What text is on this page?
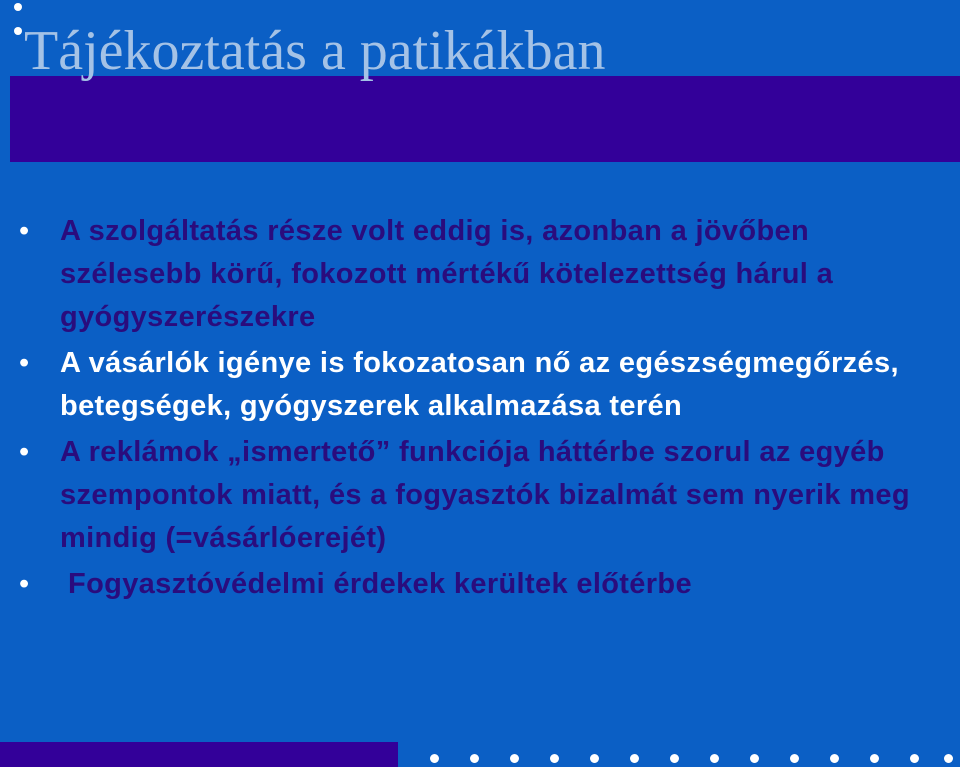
Tájékoztatás a patikákban
•	A szolgáltatás része volt eddig is, azonban a jövőben szélesebb körű, fokozott mértékű kötelezettség hárul a gyógyszerészekre
•	A vásárlók igénye is fokozatosan nő az egészségmegőrzés, betegségek, gyógyszerek alkalmazása terén
•	A reklámok „ismertető” funkciója háttérbe szorul az egyéb szempontok miatt, és a fogyasztók bizalmát sem nyerik meg mindig (=vásárlóerejét)
•	Fogyasztóvédelmi érdekek kerültek előtérbe
